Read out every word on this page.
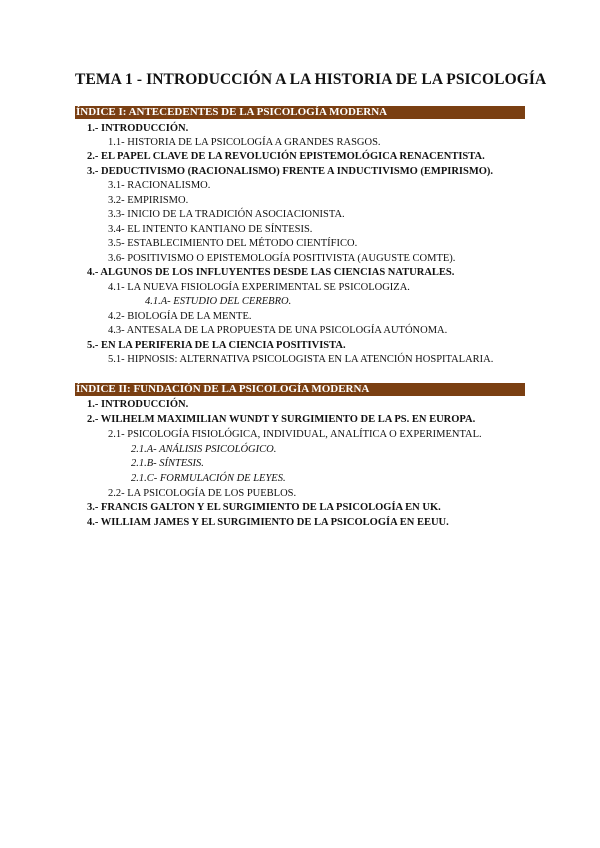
TEMA 1 - INTRODUCCIÓN A LA HISTORIA DE LA PSICOLOGÍA
ÍNDICE I: ANTECEDENTES DE LA PSICOLOGÍA MODERNA
1.- INTRODUCCIÓN.
1.1- HISTORIA DE LA PSICOLOGÍA A GRANDES RASGOS.
2.- EL PAPEL CLAVE DE LA REVOLUCIÓN EPISTEMOLÓGICA RENACENTISTA.
3.- DEDUCTIVISMO (RACIONALISMO) FRENTE A INDUCTIVISMO (EMPIRISMO).
3.1- RACIONALISMO.
3.2- EMPIRISMO.
3.3- INICIO DE LA TRADICIÓN ASOCIACIONISTA.
3.4- EL INTENTO KANTIANO DE SÍNTESIS.
3.5- ESTABLECIMIENTO DEL MÉTODO CIENTÍFICO.
3.6- POSITIVISMO O EPISTEMOLOGÍA POSITIVISTA (AUGUSTE COMTE).
4.- ALGUNOS DE LOS INFLUYENTES DESDE LAS CIENCIAS NATURALES.
4.1- LA NUEVA FISIOLOGÍA EXPERIMENTAL SE PSICOLOGIZA.
4.1.A- ESTUDIO DEL CEREBRO.
4.2- BIOLOGÍA DE LA MENTE.
4.3- ANTESALA DE LA PROPUESTA DE UNA PSICOLOGÍA AUTÓNOMA.
5.- EN LA PERIFERIA DE LA CIENCIA POSITIVISTA.
5.1- HIPNOSIS: ALTERNATIVA PSICOLOGISTA EN LA ATENCIÓN HOSPITALARIA.
ÍNDICE II: FUNDACIÓN DE LA PSICOLOGÍA MODERNA
1.- INTRODUCCIÓN.
2.- WILHELM MAXIMILIAN WUNDT Y SURGIMIENTO DE LA PS. EN EUROPA.
2.1- PSICOLOGÍA FISIOLÓGICA, INDIVIDUAL, ANALÍTICA O EXPERIMENTAL.
2.1.A- ANÁLISIS PSICOLÓGICO.
2.1.B- SÍNTESIS.
2.1.C- FORMULACIÓN DE LEYES.
2.2- LA PSICOLOGÍA DE LOS PUEBLOS.
3.- FRANCIS GALTON Y EL SURGIMIENTO DE LA PSICOLOGÍA EN UK.
4.- WILLIAM JAMES Y EL SURGIMIENTO DE LA PSICOLOGÍA EN EEUU.
